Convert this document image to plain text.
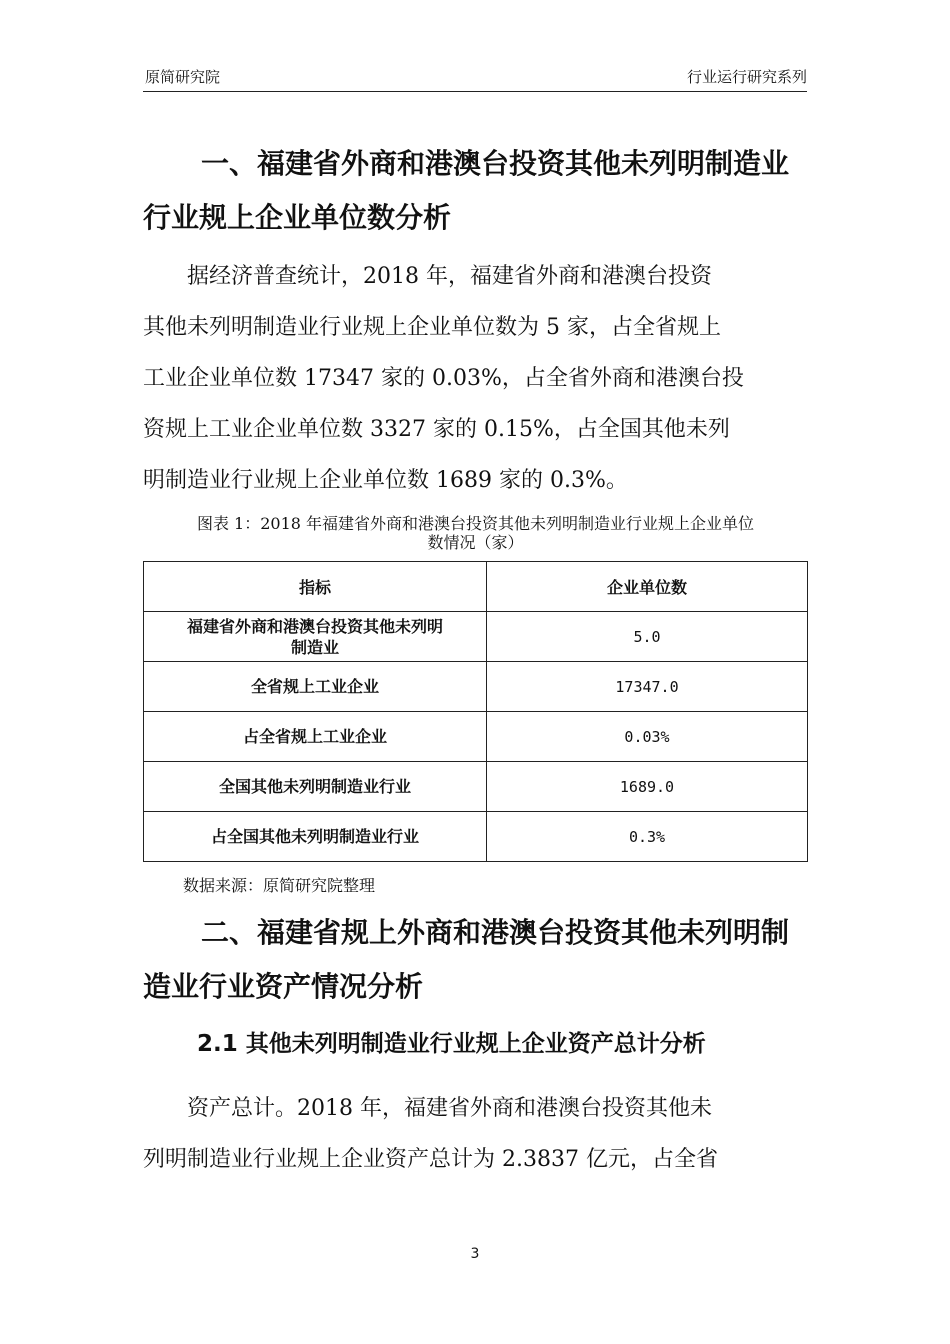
原简研究院	行业运行研究系列
一、福建省外商和港澳台投资其他未列明制造业
行业规上企业单位数分析
据经济普查统计，2018 年，福建省外商和港澳台投资
其他未列明制造业行业规上企业单位数为 5 家，占全省规上
工业企业单位数 17347 家的 0.03%，占全省外商和港澳台投
资规上工业企业单位数 3327 家的 0.15%，占全国其他未列
明制造业行业规上企业单位数 1689 家的 0.3%。
图表 1：2018 年福建省外商和港澳台投资其他未列明制造业行业规上企业单位
数情况（家）
指标	企业单位数
福建省外商和港澳台投资其他未列明
制造业	5.0
全省规上工业企业	17347.0
占全省规上工业企业	0.03%
全国其他未列明制造业行业	1689.0
占全国其他未列明制造业行业	0.3%
数据来源：原简研究院整理
二、福建省规上外商和港澳台投资其他未列明制
造业行业资产情况分析
2.1 其他未列明制造业行业规上企业资产总计分析
资产总计。2018 年，福建省外商和港澳台投资其他未
列明制造业行业规上企业资产总计为 2.3837 亿元，占全省
3
